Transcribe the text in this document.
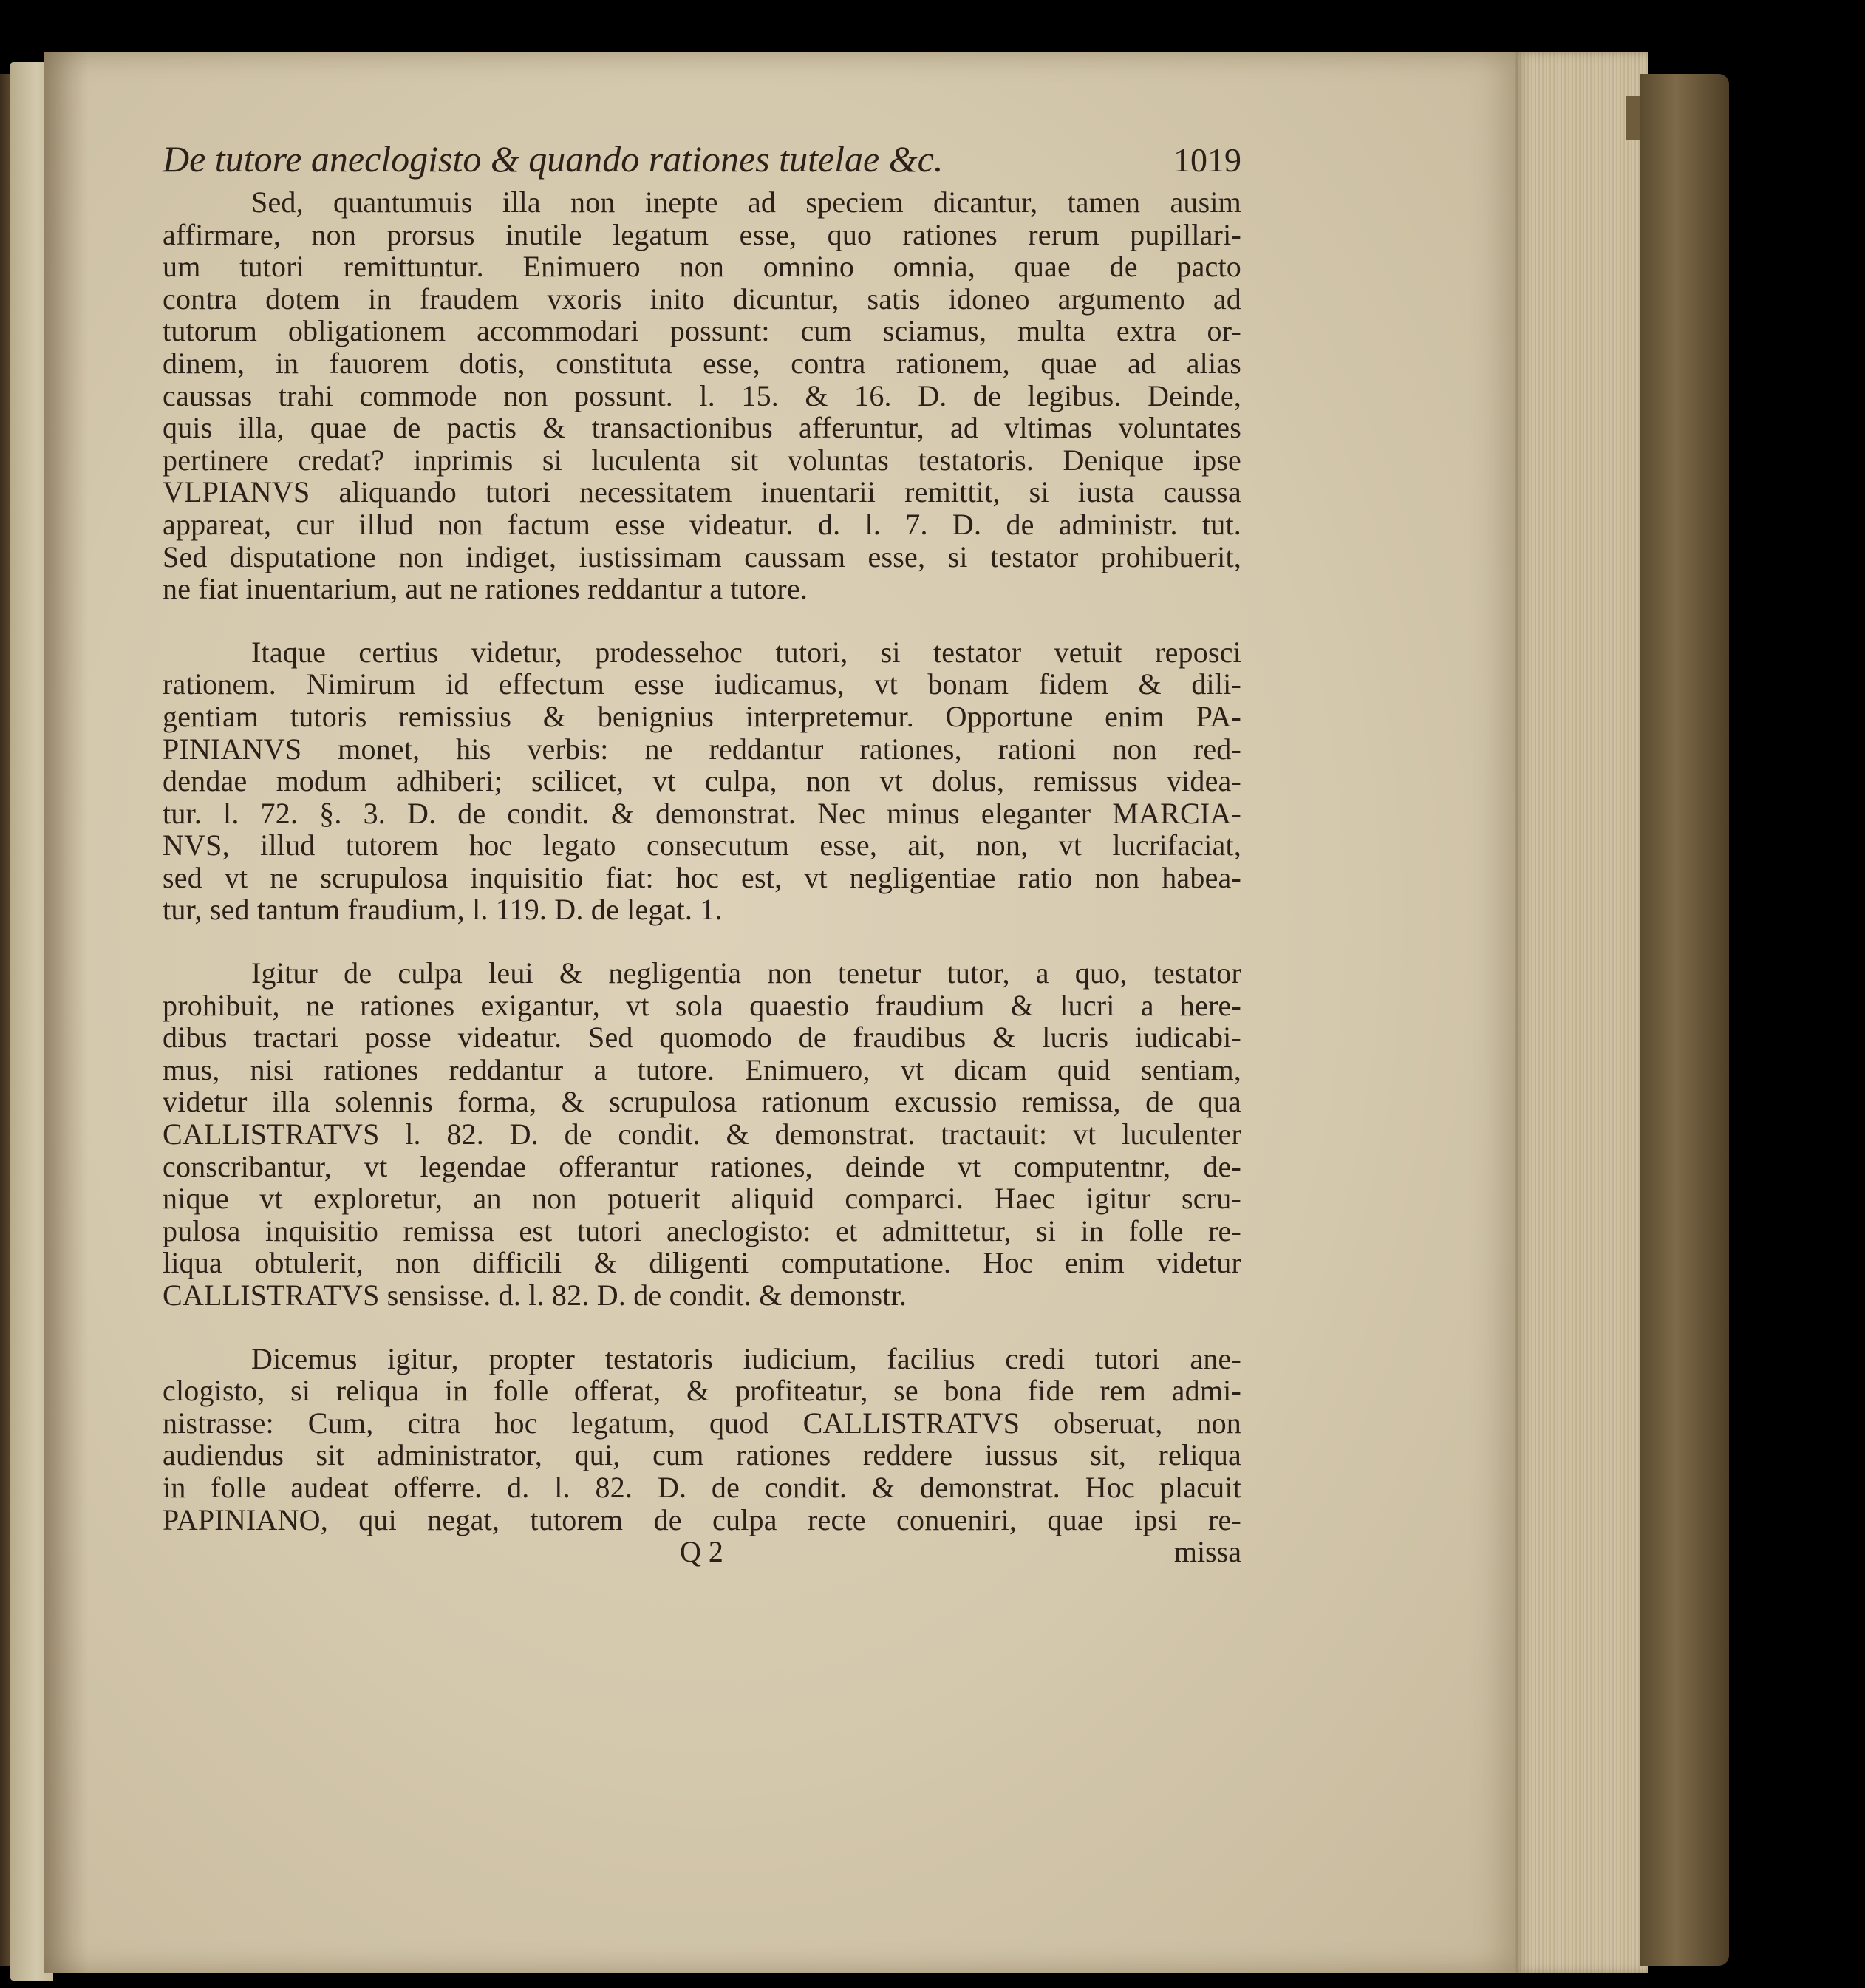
De tutore aneclogisto & quando rationes tutelae &c.	1019
Sed, quantumuis illa non inepte ad speciem dicantur, tamen ausim
affirmare, non prorsus inutile legatum esse, quo rationes rerum pupillari-
um tutori remittuntur. Enimuero non omnino omnia, quae de pacto
contra dotem in fraudem vxoris inito dicuntur, satis idoneo argumento ad
tutorum obligationem accommodari possunt: cum sciamus, multa extra or-
dinem, in fauorem dotis, constituta esse, contra rationem, quae ad alias
caussas trahi commode non possunt. l. 15. & 16. D. de legibus. Deinde,
quis illa, quae de pactis & transactionibus afferuntur, ad vltimas voluntates
pertinere credat? inprimis si luculenta sit voluntas testatoris. Denique ipse
VLPIANVS aliquando tutori necessitatem inuentarii remittit, si iusta caussa
appareat, cur illud non factum esse videatur. d. l. 7. D. de administr. tut.
Sed disputatione non indiget, iustissimam caussam esse, si testator prohibuerit,
ne fiat inuentarium, aut ne rationes reddantur a tutore.
Itaque certius videtur, prodessehoc tutori, si testator vetuit reposci
rationem. Nimirum id effectum esse iudicamus, vt bonam fidem & dili-
gentiam tutoris remissius & benignius interpretemur. Opportune enim PA-
PINIANVS monet, his verbis: ne reddantur rationes, rationi non red-
dendae modum adhiberi; scilicet, vt culpa, non vt dolus, remissus videa-
tur. l. 72. §. 3. D. de condit. & demonstrat. Nec minus eleganter MARCIA-
NVS, illud tutorem hoc legato consecutum esse, ait, non, vt lucrifaciat,
sed vt ne scrupulosa inquisitio fiat: hoc est, vt negligentiae ratio non habea-
tur, sed tantum fraudium, l. 119. D. de legat. 1.
Igitur de culpa leui & negligentia non tenetur tutor, a quo, testator
prohibuit, ne rationes exigantur, vt sola quaestio fraudium & lucri a here-
dibus tractari posse videatur. Sed quomodo de fraudibus & lucris iudicabi-
mus, nisi rationes reddantur a tutore. Enimuero, vt dicam quid sentiam,
videtur illa solennis forma, & scrupulosa rationum excussio remissa, de qua
CALLISTRATVS l. 82. D. de condit. & demonstrat. tractauit: vt luculenter
conscribantur, vt legendae offerantur rationes, deinde vt computentnr, de-
nique vt exploretur, an non potuerit aliquid comparci. Haec igitur scru-
pulosa inquisitio remissa est tutori aneclogisto: et admittetur, si in folle re-
liqua obtulerit, non difficili & diligenti computatione. Hoc enim videtur
CALLISTRATVS sensisse. d. l. 82. D. de condit. & demonstr.
Dicemus igitur, propter testatoris iudicium, facilius credi tutori ane-
clogisto, si reliqua in folle offerat, & profiteatur, se bona fide rem admi-
nistrasse: Cum, citra hoc legatum, quod CALLISTRATVS obseruat, non
audiendus sit administrator, qui, cum rationes reddere iussus sit, reliqua
in folle audeat offerre. d. l. 82. D. de condit. & demonstrat. Hoc placuit
PAPINIANO, qui negat, tutorem de culpa recte conueniri, quae ipsi re-
Q 2	missa
